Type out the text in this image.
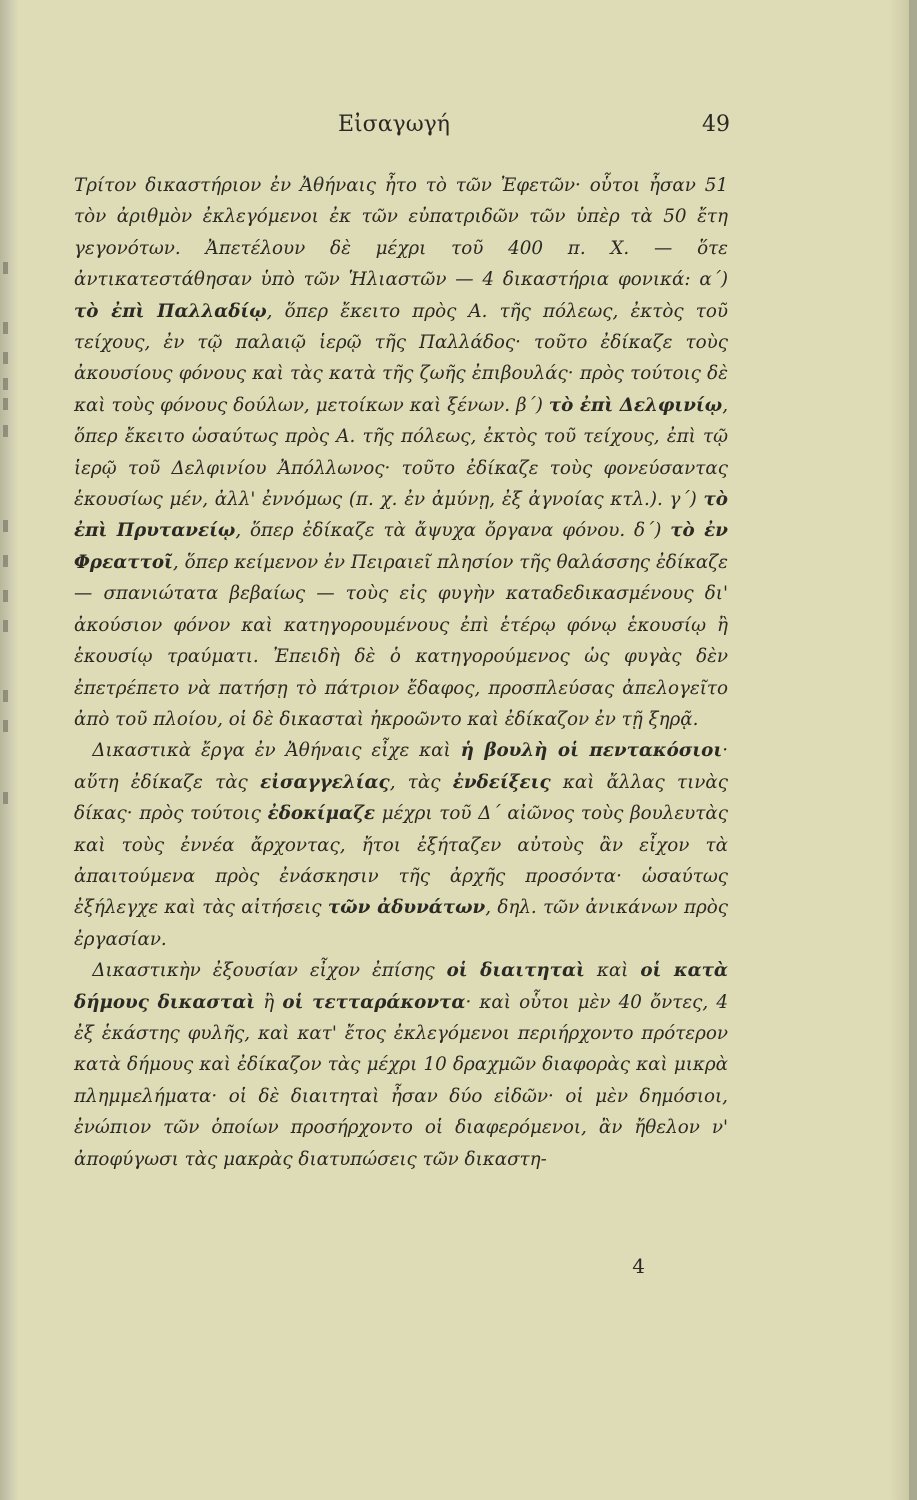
Εἰσαγωγή	49

Τρίτον δικαστήριον ἐν Ἀθήναις ἦτο τὸ τῶν Ἐφετῶν· οὗτοι ἦσαν 51 τὸν ἀριθμὸν ἐκλεγόμενοι ἐκ τῶν εὐπατριδῶν τῶν ὑπὲρ τὰ 50 ἔτη γεγονότων. Ἀπετέλουν δὲ μέχρι τοῦ 400 π. Χ. — ὅτε ἀντικατεστάθησαν ὑπὸ τῶν Ἡλιαστῶν — 4 δικαστήρια φονικά: α΄) τὸ ἐπὶ Παλλαδίῳ, ὅπερ ἔκειτο πρὸς Α. τῆς πόλεως, ἐκτὸς τοῦ τείχους, ἐν τῷ παλαιῷ ἱερῷ τῆς Παλλάδος· τοῦτο ἐδίκαζε τοὺς ἀκουσίους φόνους καὶ τὰς κατὰ τῆς ζωῆς ἐπιβουλάς· πρὸς τούτοις δὲ καὶ τοὺς φόνους δούλων, μετοίκων καὶ ξένων. β΄) τὸ ἐπὶ Δελφινίῳ, ὅπερ ἔκειτο ὡσαύτως πρὸς Α. τῆς πόλεως, ἐκτὸς τοῦ τείχους, ἐπὶ τῷ ἱερῷ τοῦ Δελφινίου Ἀπόλλωνος· τοῦτο ἐδίκαζε τοὺς φονεύσαντας ἑκουσίως μέν, ἀλλ' ἐννόμως (π. χ. ἐν ἀμύνῃ, ἐξ ἀγνοίας κτλ.). γ΄) τὸ ἐπὶ Πρυτανείῳ, ὅπερ ἐδίκαζε τὰ ἄψυχα ὄργανα φόνου. δ΄) τὸ ἐν Φρεαττοῖ, ὅπερ κείμενον ἐν Πειραιεῖ πλησίον τῆς θαλάσσης ἐδίκαζε — σπανιώτατα βεβαίως — τοὺς εἰς φυγὴν καταδεδικασμένους δι' ἀκούσιον φόνον καὶ κατηγορουμένους ἐπὶ ἑτέρῳ φόνῳ ἑκουσίῳ ἢ ἑκουσίῳ τραύματι. Ἐπειδὴ δὲ ὁ κατηγορούμενος ὡς φυγὰς δὲν ἐπετρέπετο νὰ πατήσῃ τὸ πάτριον ἔδαφος, προσπλεύσας ἀπελογεῖτο ἀπὸ τοῦ πλοίου, οἱ δὲ δικασταὶ ἠκροῶντο καὶ ἐδίκαζον ἐν τῇ ξηρᾷ.

 Δικαστικὰ ἔργα ἐν Ἀθήναις εἶχε καὶ ἡ βουλὴ οἱ πεντακόσιοι· αὕτη ἐδίκαζε τὰς εἰσαγγελίας, τὰς ἐνδείξεις καὶ ἄλλας τινὰς δίκας· πρὸς τούτοις ἐδοκίμαζε μέχρι τοῦ Δ΄ αἰῶνος τοὺς βουλευτὰς καὶ τοὺς ἐννέα ἄρχοντας, ἤτοι ἐξήταζεν αὐτοὺς ἂν εἶχον τὰ ἀπαιτούμενα πρὸς ἐνάσκησιν τῆς ἀρχῆς προσόντα· ὡσαύτως ἐξήλεγχε καὶ τὰς αἰτήσεις τῶν ἀδυνάτων, δηλ. τῶν ἀνικάνων πρὸς ἐργασίαν.

 Δικαστικὴν ἐξουσίαν εἶχον ἐπίσης οἱ διαιτηταὶ καὶ οἱ κατὰ δήμους δικασταὶ ἢ οἱ τετταράκοντα· καὶ οὗτοι μὲν 40 ὄντες, 4 ἐξ ἑκάστης φυλῆς, καὶ κατ' ἔτος ἐκλεγόμενοι περιήρχοντο πρότερον κατὰ δήμους καὶ ἐδίκαζον τὰς μέχρι 10 δραχμῶν διαφορὰς καὶ μικρὰ πλημμελήματα· οἱ δὲ διαιτηταὶ ἦσαν δύο εἰδῶν· οἱ μὲν δημόσιοι, ἐνώπιον τῶν ὁποίων προσήρχοντο οἱ διαφερόμενοι, ἂν ἤθελον ν' ἀποφύγωσι τὰς μακρὰς διατυπώσεις τῶν δικαστη-

4
